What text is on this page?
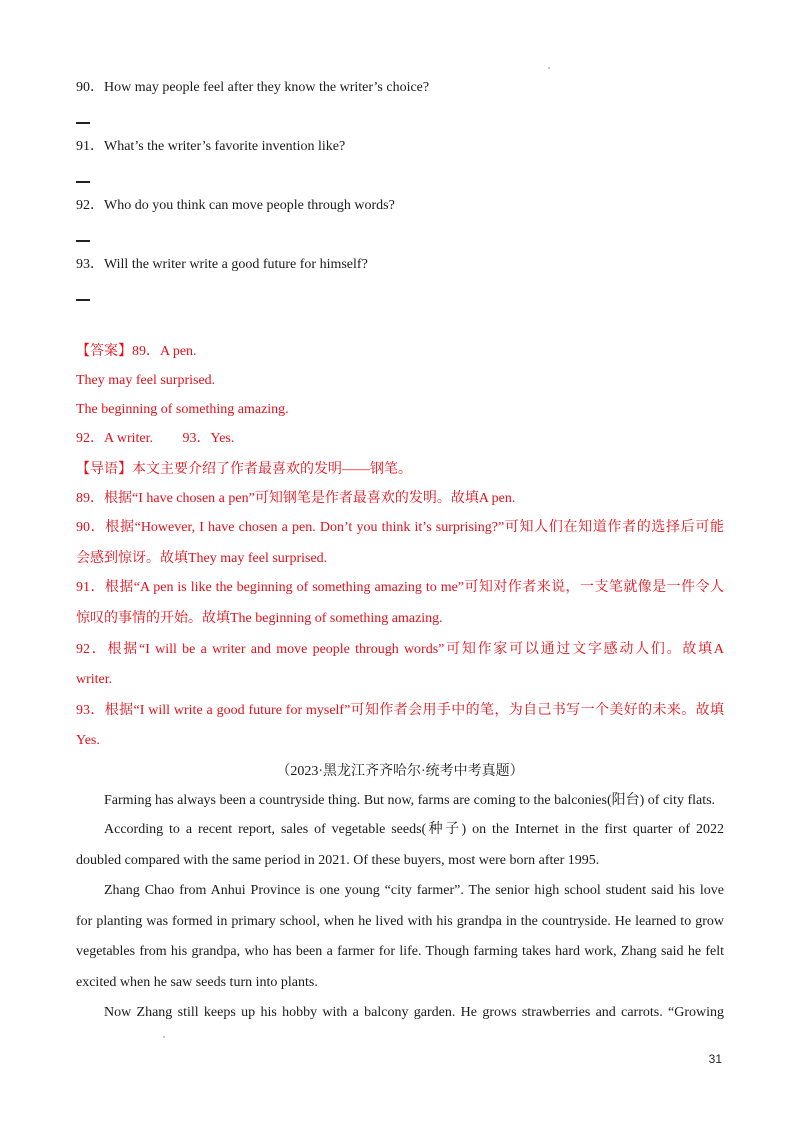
90．How may people feel after they know the writer’s choice?
91．What’s the writer’s favorite invention like?
92．Who do you think can move people through words?
93．Will the writer write a good future for himself?
【答案】89．A pen.
They may feel surprised.
The beginning of something amazing.
92．A writer. 93．Yes.
【导语】本文主要介绍了作者最喜欢的发明——钢笔。
89．根据“I have chosen a pen”可知钢笔是作者最喜欢的发明。故填A pen.
90．根据“However, I have chosen a pen. Don’t you think it’s surprising?”可知人们在知道作者的选择后可能
会感到惊讶。故填They may feel surprised.
91．根据“A pen is like the beginning of something amazing to me”可知对作者来说，一支笔就像是一件令人
惊叹的事情的开始。故填The beginning of something amazing.
92．根据“I will be a writer and move people through words”可知作家可以通过文字感动人们。故填A
writer.
93．根据“I will write a good future for myself”可知作者会用手中的笔，为自己书写一个美好的未来。故填
Yes.
（2023·黑龙江齐齐哈尔·统考中考真题）
Farming has always been a countryside thing. But now, farms are coming to the balconies(阳台) of city flats.
According to a recent report, sales of vegetable seeds(种子) on the Internet in the first quarter of 2022
doubled compared with the same period in 2021. Of these buyers, most were born after 1995.
Zhang Chao from Anhui Province is one young “city farmer”. The senior high school student said his love
for planting was formed in primary school, when he lived with his grandpa in the countryside. He learned to grow
vegetables from his grandpa, who has been a farmer for life. Though farming takes hard work, Zhang said he felt
excited when he saw seeds turn into plants.
Now Zhang still keeps up his hobby with a balcony garden. He grows strawberries and carrots. “Growing
31
